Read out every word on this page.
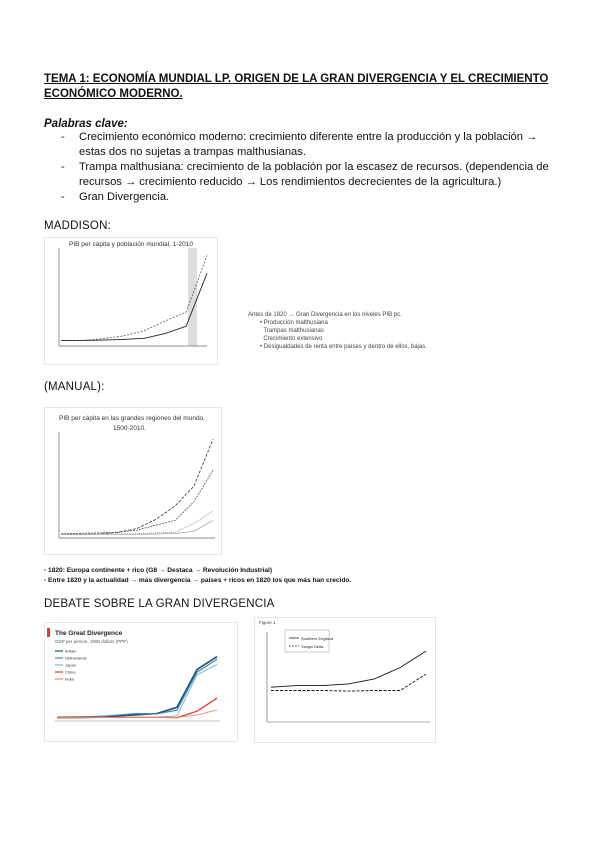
TEMA 1: ECONOMÍA MUNDIAL LP. ORIGEN DE LA GRAN DIVERGENCIA Y EL CRECIMIENTO ECONÓMICO MODERNO.
Palabras clave:
- Crecimiento económico moderno: crecimiento diferente entre la producción y la población → estas dos no sujetas a trampas malthusianas.
- Trampa malthusiana: crecimiento de la población por la escasez de recursos. (dependencia de recursos → crecimiento reducido → Los rendimientos decrecientes de la agricultura.)
- Gran Divergencia.
MADDISON:
PIB per cápita y población mundial, 1-2010
Antes de 1820 → Gran Divergencia en los niveles PIB pc.
• Producción malthusiana
Trampas malthusianas
Crecimiento extensivo
• Desigualdades de renta entre países y dentro de ellos, bajas.
(MANUAL):
PIB per cápita en las grandes regiones del mundo,
1500-2010.
- 1820: Europa continente + rico (G8 → Destaca → Revolución Industrial)
- Entre 1820 y la actualidad → más divergencia → países + ricos en 1820 los que más han crecido.
DEBATE SOBRE LA GRAN DIVERGENCIA
The Great Divergence
GDP per person, 1990 dollars (PPP)
Britain
Netherlands
Japan
China
India
Figure 1
Southern England
Yangzi Delta
